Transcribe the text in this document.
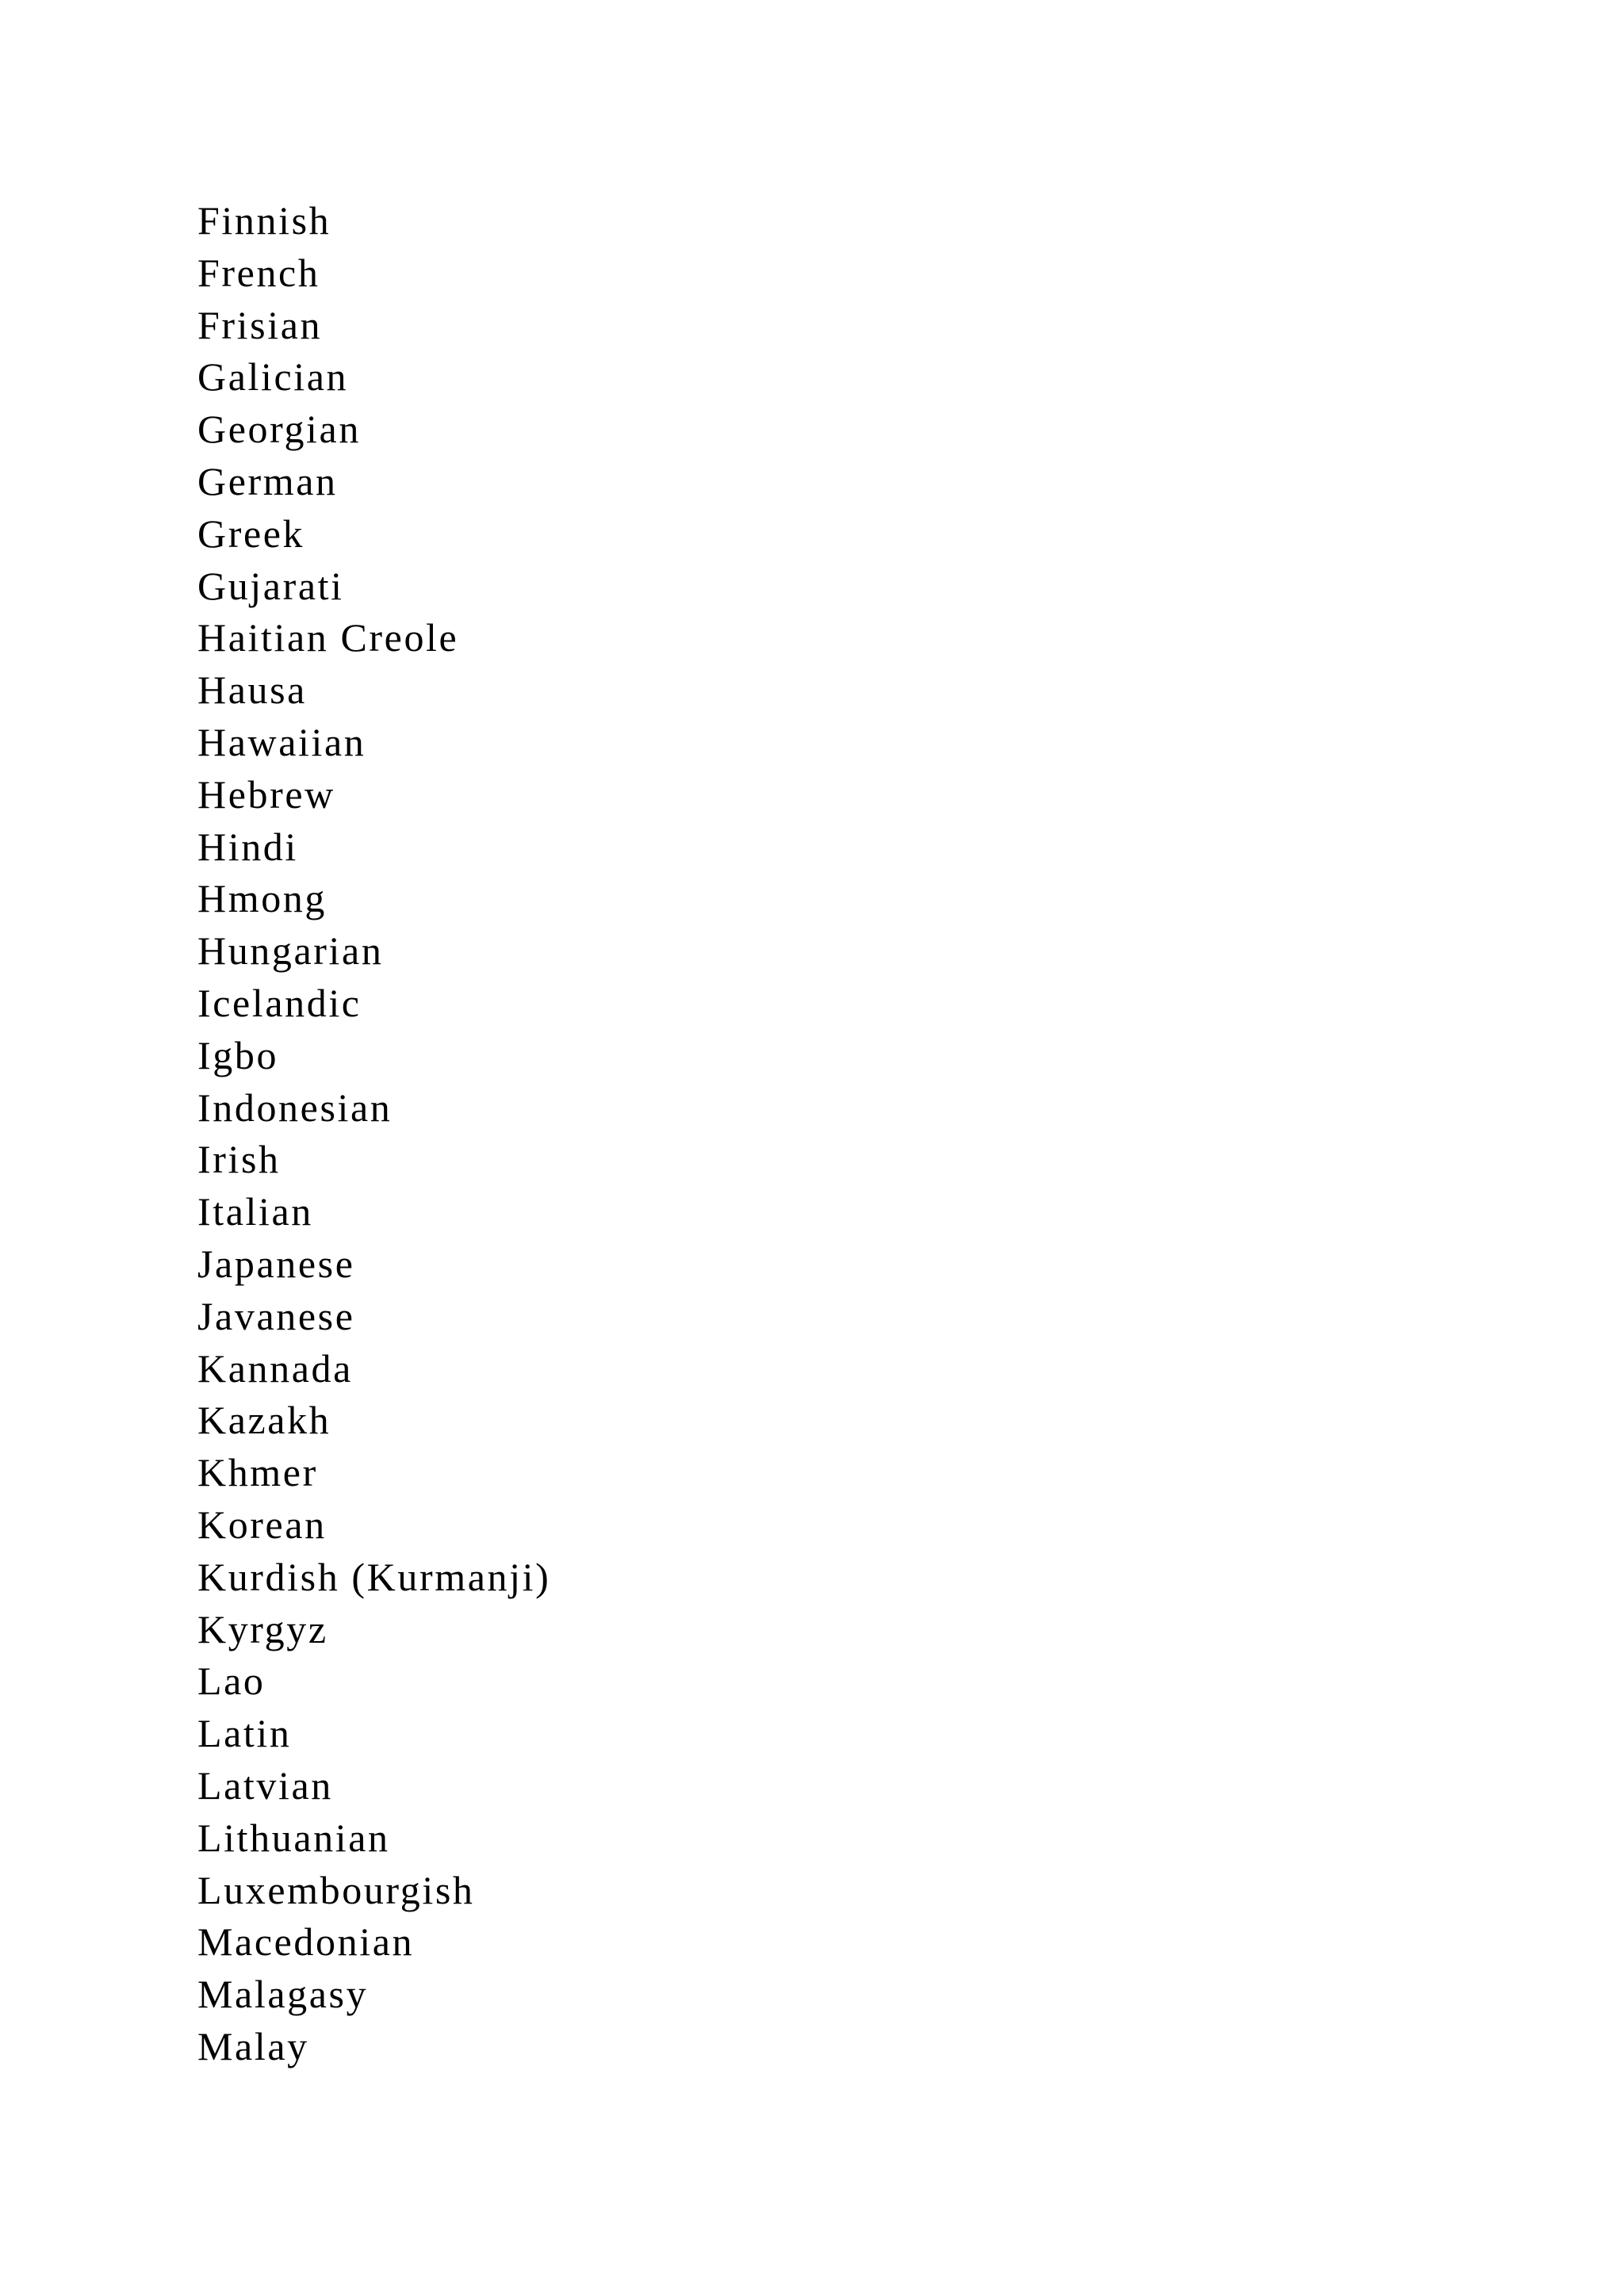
Finnish
French
Frisian
Galician
Georgian
German
Greek
Gujarati
Haitian Creole
Hausa
Hawaiian
Hebrew
Hindi
Hmong
Hungarian
Icelandic
Igbo
Indonesian
Irish
Italian
Japanese
Javanese
Kannada
Kazakh
Khmer
Korean
Kurdish (Kurmanji)
Kyrgyz
Lao
Latin
Latvian
Lithuanian
Luxembourgish
Macedonian
Malagasy
Malay
